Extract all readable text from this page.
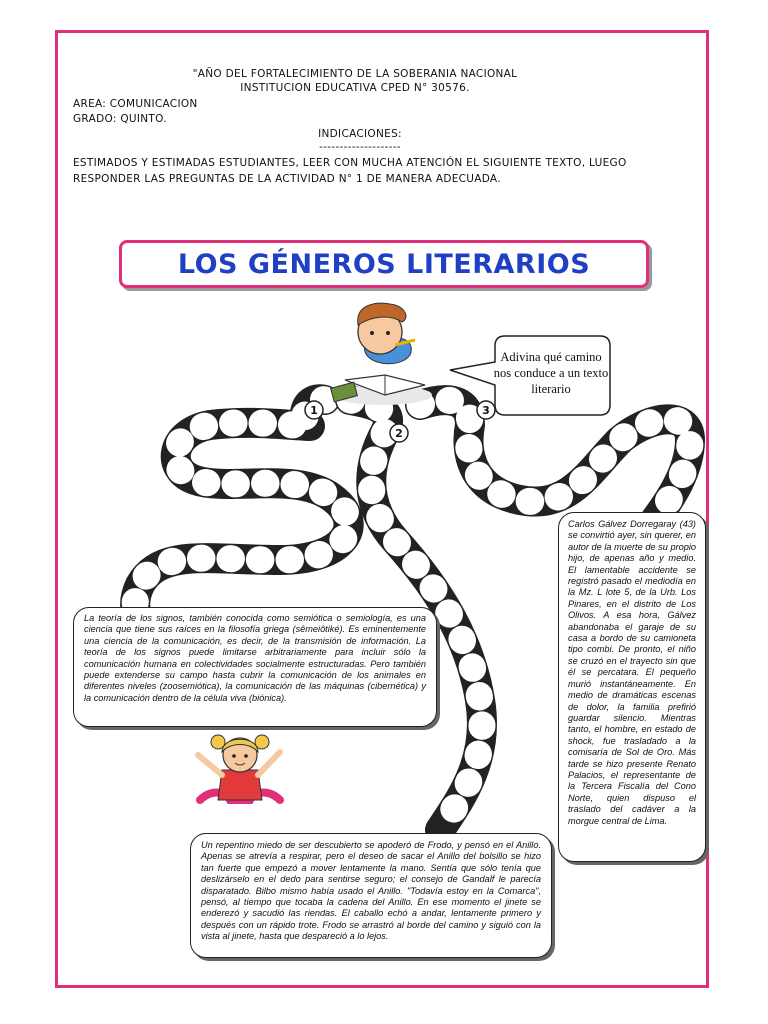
"AÑO DEL FORTALECIMIENTO DE LA SOBERANIA NACIONAL
INSTITUCION EDUCATIVA CPED N° 30576.
AREA: COMUNICACION
GRADO: QUINTO.
INDICACIONES:
--------------------
ESTIMADOS Y ESTIMADAS ESTUDIANTES, LEER CON MUCHA ATENCIÓN EL SIGUIENTE TEXTO, LUEGO
RESPONDER LAS PREGUNTAS DE LA ACTIVIDAD N° 1 DE MANERA ADECUADA.
LOS GÉNEROS LITERARIOS
1
2
3
Adivina qué camino nos conduce a un texto literario
La teoría de los signos, también conocida como semiótica o semiología, es una ciencia que tiene sus raíces en la filosofía griega (sêmeiôtiké). Es eminentemente una ciencia de la comunicación, es decir, de la transmisión de información. La teoría de los signos puede limitarse arbitrariamente para incluir sólo la comunicación humana en colectividades socialmente estructuradas. Pero también puede extenderse su campo hasta cubrir la comunicación de los animales en diferentes niveles (zoosemiótica), la comunicación de las máquinas (cibernética) y la comunicación dentro de la célula viva (biónica).
Carlos Gálvez Dorregaray (43) se convirtió ayer, sin querer, en autor de la muerte de su propio hijo, de apenas año y medio. El lamentable accidente se registró pasado el mediodía en la Mz. L lote 5, de la Urb. Los Pinares, en el distrito de Los Olivos. A esa hora, Gálvez abandonaba el garaje de su casa a bordo de su camioneta tipo combi. De pronto, el niño se cruzó en el trayecto sin que él se percatara. El pequeño murió instantáneamente. En medio de dramáticas escenas de dolor, la familia prefirió guardar silencio. Mientras tanto, el hombre, en estado de shock, fue trasladado a la comisaría de Sol de Oro. Más tarde se hizo presente Renato Palacios, el representante de la Tercera Fiscalía del Cono Norte, quien dispuso el traslado del cadáver a la morgue central de Lima.
Un repentino miedo de ser descubierto se apoderó de Frodo, y pensó en el Anillo. Apenas se atrevía a respirar, pero el deseo de sacar el Anillo del bolsillo se hizo tan fuerte que empezó a mover lentamente la mano. Sentía que sólo tenía que deslizárselo en el dedo para sentirse seguro; el consejo de Gandalf le parecía disparatado. Bilbo mismo había usado el Anillo. "Todavía estoy en la Comarca", pensó, al tiempo que tocaba la cadena del Anillo. En ese momento el jinete se enderezó y sacudió las riendas. El caballo echó a andar, lentamente primero y después con un rápido trote. Frodo se arrastró al borde del camino y siguió con la vista al jinete, hasta que despareció a lo lejos.
